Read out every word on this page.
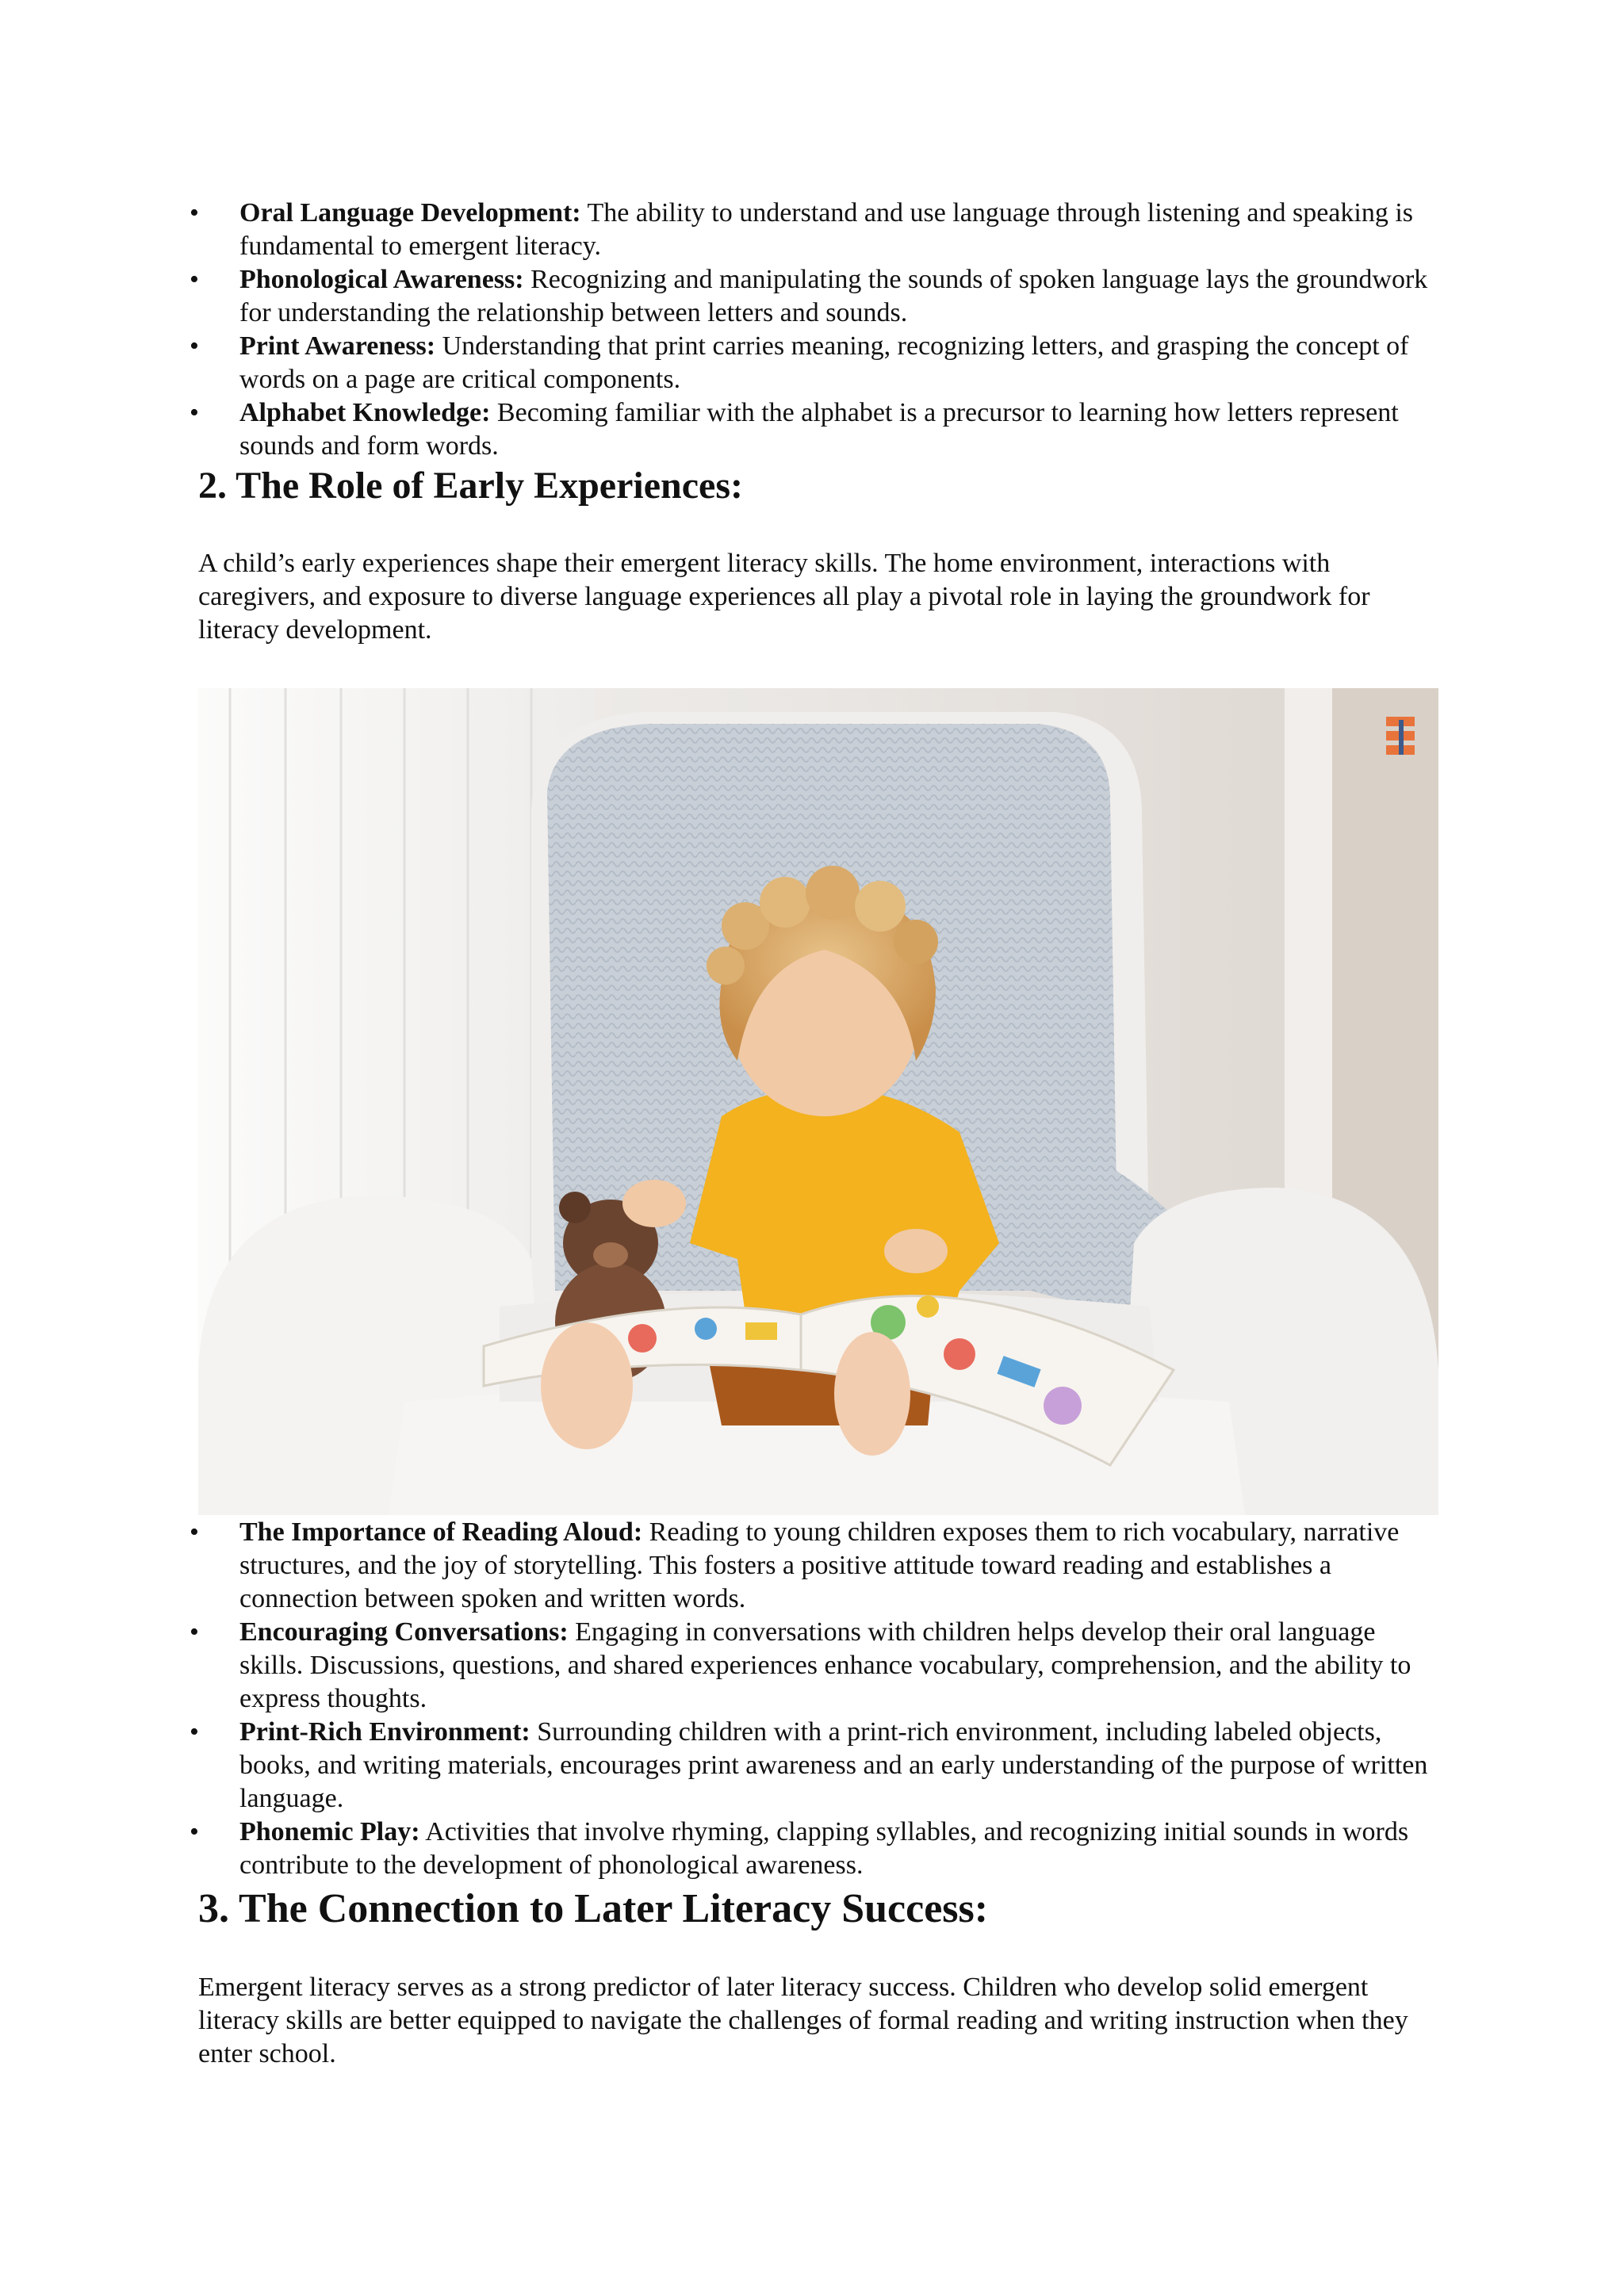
• Oral Language Development: The ability to understand and use language through listening and speaking is fundamental to emergent literacy.
• Phonological Awareness: Recognizing and manipulating the sounds of spoken language lays the groundwork for understanding the relationship between letters and sounds.
• Print Awareness: Understanding that print carries meaning, recognizing letters, and grasping the concept of words on a page are critical components.
• Alphabet Knowledge: Becoming familiar with the alphabet is a precursor to learning how letters represent sounds and form words.
2. The Role of Early Experiences:

A child’s early experiences shape their emergent literacy skills. The home environment, interactions with caregivers, and exposure to diverse language experiences all play a pivotal role in laying the groundwork for literacy development.

• The Importance of Reading Aloud: Reading to young children exposes them to rich vocabulary, narrative structures, and the joy of storytelling. This fosters a positive attitude toward reading and establishes a connection between spoken and written words.
• Encouraging Conversations: Engaging in conversations with children helps develop their oral language skills. Discussions, questions, and shared experiences enhance vocabulary, comprehension, and the ability to express thoughts.
• Print-Rich Environment: Surrounding children with a print-rich environment, including labeled objects, books, and writing materials, encourages print awareness and an early understanding of the purpose of written language.
• Phonemic Play: Activities that involve rhyming, clapping syllables, and recognizing initial sounds in words contribute to the development of phonological awareness.
3. The Connection to Later Literacy Success:

Emergent literacy serves as a strong predictor of later literacy success. Children who develop solid emergent literacy skills are better equipped to navigate the challenges of formal reading and writing instruction when they enter school.
